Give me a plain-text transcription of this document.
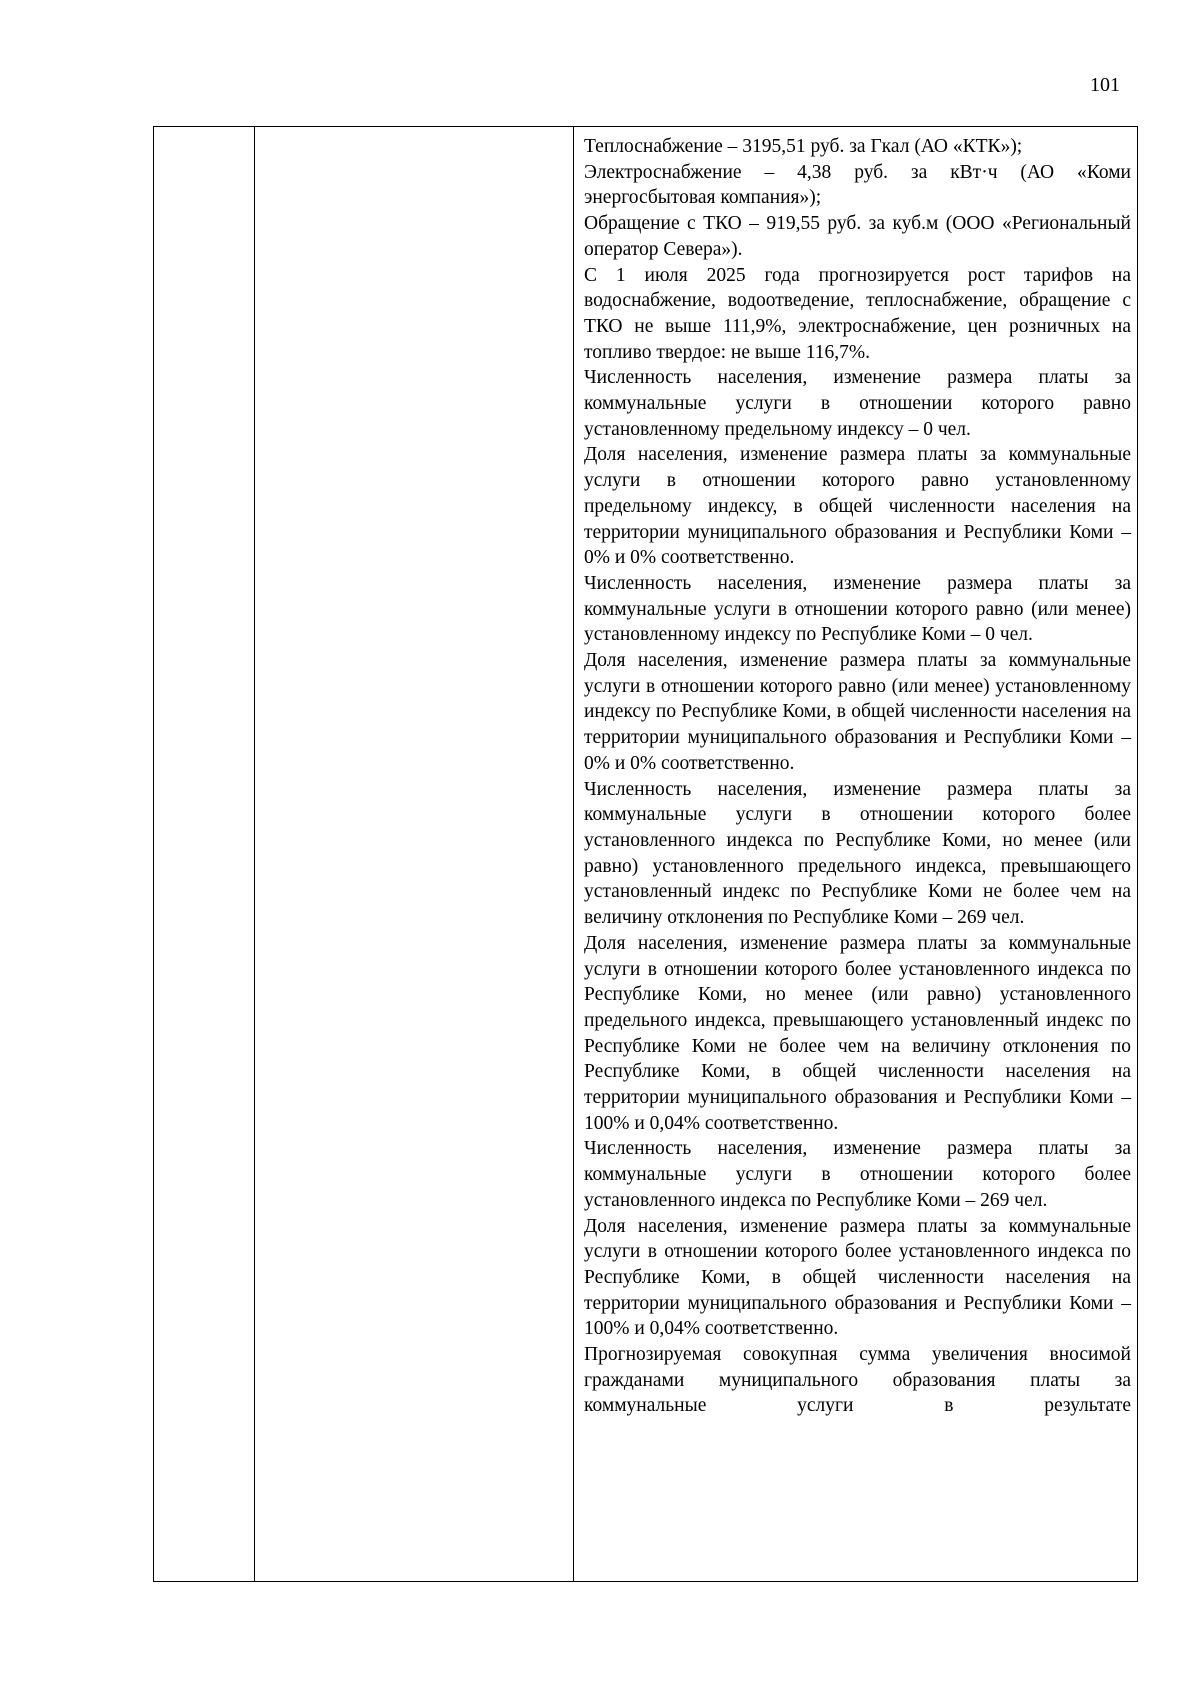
101

Теплоснабжение – 3195,51 руб. за Гкал (АО «КТК»);

Электроснабжение – 4,38 руб. за кВт·ч (АО «Коми энергосбытовая компания»);

Обращение с ТКО – 919,55 руб. за куб.м (ООО «Региональный оператор Севера»).

С 1 июля 2025 года прогнозируется рост тарифов на водоснабжение, водоотведение, теплоснабжение, обращение с ТКО не выше 111,9%, электроснабжение, цен розничных на топливо твердое: не выше 116,7%.

Численность населения, изменение размера платы за коммунальные услуги в отношении которого равно установленному предельному индексу – 0 чел.

Доля населения, изменение размера платы за коммунальные услуги в отношении которого равно установленному предельному индексу, в общей численности населения на территории муниципального образования и Республики Коми – 0% и 0% соответственно.

Численность населения, изменение размера платы за коммунальные услуги в отношении которого равно (или менее) установленному индексу по Республике Коми – 0 чел.

Доля населения, изменение размера платы за коммунальные услуги в отношении которого равно (или менее) установленному индексу по Республике Коми, в общей численности населения на территории муниципального образования и Республики Коми – 0% и 0% соответственно.

Численность населения, изменение размера платы за коммунальные услуги в отношении которого более установленного индекса по Республике Коми, но менее (или равно) установленного предельного индекса, превышающего установленный индекс по Республике Коми не более чем на величину отклонения по Республике Коми – 269 чел.

Доля населения, изменение размера платы за коммунальные услуги в отношении которого более установленного индекса по Республике Коми, но менее (или равно) установленного предельного индекса, превышающего установленный индекс по Республике Коми не более чем на величину отклонения по Республике Коми, в общей численности населения на территории муниципального образования и Республики Коми – 100% и 0,04% соответственно.

Численность населения, изменение размера платы за коммунальные услуги в отношении которого более установленного индекса по Республике Коми – 269 чел.

Доля населения, изменение размера платы за коммунальные услуги в отношении которого более установленного индекса по Республике Коми, в общей численности населения на территории муниципального образования и Республики Коми – 100% и 0,04% соответственно.

Прогнозируемая совокупная сумма увеличения вносимой гражданами муниципального образования платы за коммунальные услуги в результате
